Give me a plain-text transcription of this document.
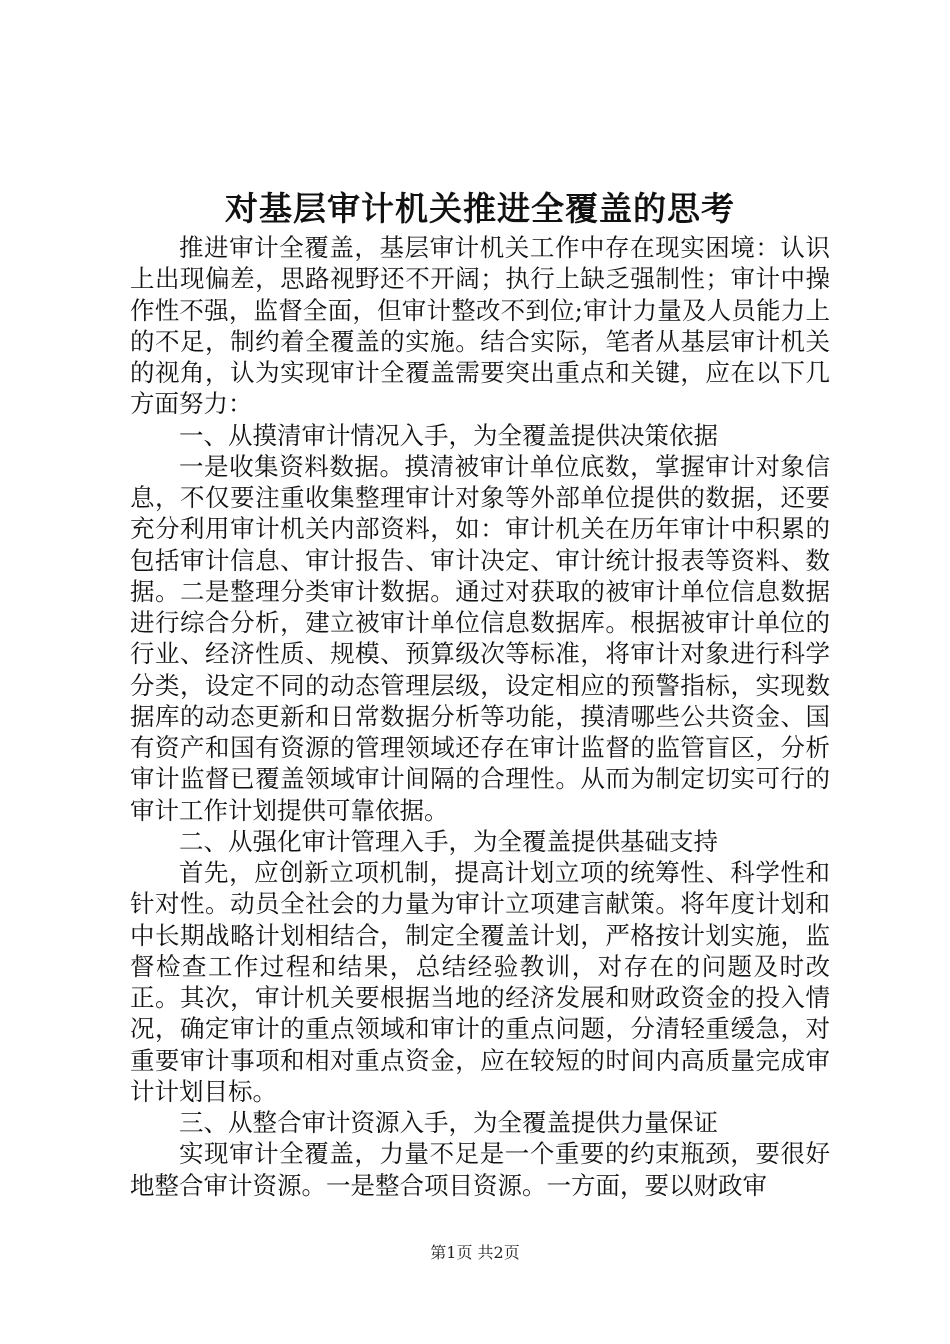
对基层审计机关推进全覆盖的思考

推进审计全覆盖，基层审计机关工作中存在现实困境：认识上出现偏差，思路视野还不开阔；执行上缺乏强制性；审计中操作性不强，监督全面，但审计整改不到位;审计力量及人员能力上的不足，制约着全覆盖的实施。结合实际，笔者从基层审计机关的视角，认为实现审计全覆盖需要突出重点和关键，应在以下几方面努力：

一、从摸清审计情况入手，为全覆盖提供决策依据

一是收集资料数据。摸清被审计单位底数，掌握审计对象信息，不仅要注重收集整理审计对象等外部单位提供的数据，还要充分利用审计机关内部资料，如：审计机关在历年审计中积累的包括审计信息、审计报告、审计决定、审计统计报表等资料、数据。二是整理分类审计数据。通过对获取的被审计单位信息数据进行综合分析，建立被审计单位信息数据库。根据被审计单位的行业、经济性质、规模、预算级次等标准，将审计对象进行科学分类，设定不同的动态管理层级，设定相应的预警指标，实现数据库的动态更新和日常数据分析等功能，摸清哪些公共资金、国有资产和国有资源的管理领域还存在审计监督的监管盲区，分析审计监督已覆盖领域审计间隔的合理性。从而为制定切实可行的审计工作计划提供可靠依据。

二、从强化审计管理入手，为全覆盖提供基础支持

首先，应创新立项机制，提高计划立项的统筹性、科学性和针对性。动员全社会的力量为审计立项建言献策。将年度计划和中长期战略计划相结合，制定全覆盖计划，严格按计划实施，监督检查工作过程和结果，总结经验教训，对存在的问题及时改正。其次，审计机关要根据当地的经济发展和财政资金的投入情况，确定审计的重点领域和审计的重点问题，分清轻重缓急，对重要审计事项和相对重点资金，应在较短的时间内高质量完成审计计划目标。

三、从整合审计资源入手，为全覆盖提供力量保证

实现审计全覆盖，力量不足是一个重要的约束瓶颈，要很好地整合审计资源。一是整合项目资源。一方面，要以财政审

第1页 共2页
